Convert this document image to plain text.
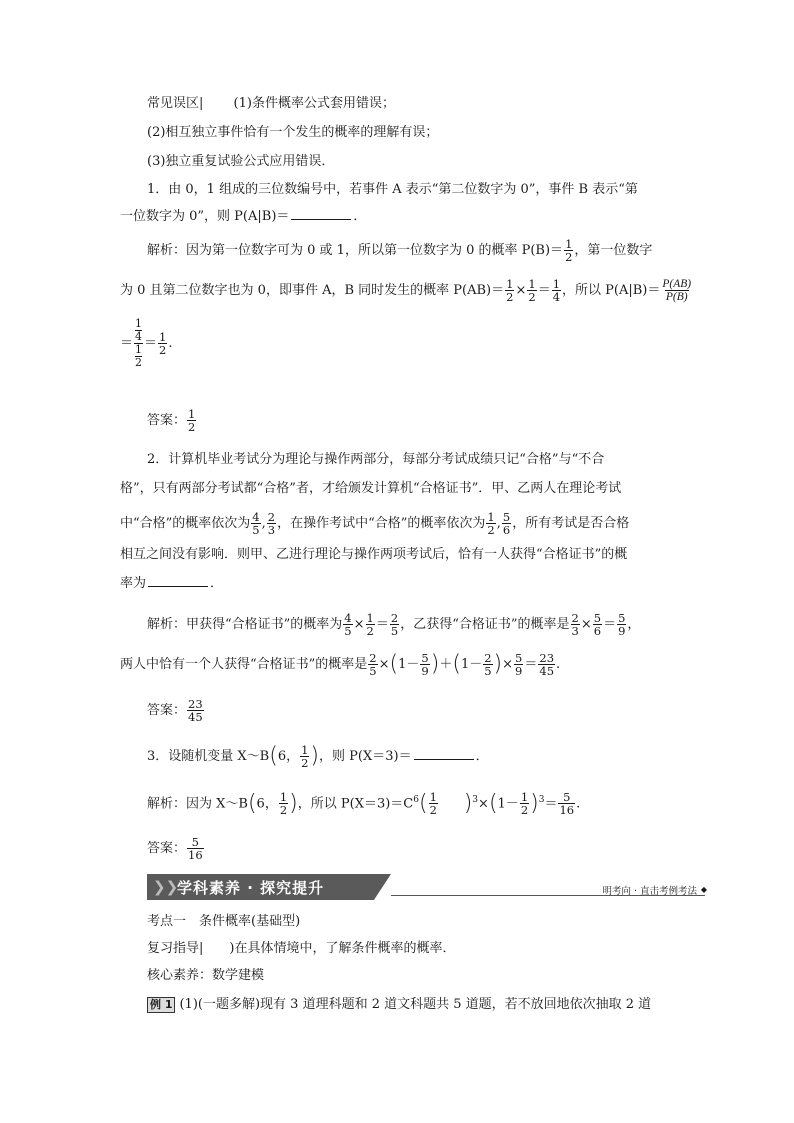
常见误区|　　 (1)条件概率公式套用错误；
(2)相互独立事件恰有一个发生的概率的理解有误；
(3)独立重复试验公式应用错误．
1．由 0，1 组成的三位数编号中，若事件 A 表示“第二位数字为 0”，事件 B 表示“第
一位数字为 0”，则 P(A|B)＝	．
解析：因为第一位数字可为 0 或 1，所以第一位数字为 0 的概率 $P(B)= \frac{1}{2}$ ，第一位数字
为 0 且第二位数字也为 0，即事件 A，B 同时发生的概率 $P(AB)= \frac{1}{2} \times \frac{1}{2} = \frac{1}{4}$ ，所以 $P(A|B)= \frac{P(AB)}{P(B)}$
＝
1
4
1
2
＝ 1
2 .
答案： $\frac{1}{2}$
2．计算机毕业考试分为理论与操作两部分，每部分考试成绩只记“合格”与“不合
格”，只有两部分考试都“合格”者，才给颁发计算机“合格证书”．甲、乙两人在理论考试
中“合格”的概率依次为 $\frac{4}{5}$ , $\frac{2}{3}$ ，在操作考试中“合格”的概率依次为 $\frac{1}{2}$ , $\frac{5}{6}$ ，所有考试是否合格
相互之间没有影响．则甲、乙进行理论与操作两项考试后，恰有一人获得“合格证书”的概
率为	．
解析：甲获得“合格证书”的概率为 $\frac{4}{5} \times \frac{1}{2} = \frac{2}{5}$ ，乙获得“合格证书”的概率是 $\frac{2}{3} \times \frac{5}{6} = \frac{5}{9}$ ，
两人中恰有一个人获得“合格证书”的概率是 $\frac{2}{5} \times(1- \frac{5}{9} )+(1- \frac{2}{5}$ )× $\frac{5}{9} = \frac{23}{45}$ .
答案： $\frac{23}{45}$
3．设随机变量 X～B(6， $\frac{1}{2}$ )，则 P(X＝3)＝	．
解析：因为 X～B(6， $\frac{1}{2}$ )，所以 $P(X=3)=C^6( \frac{1}{2} )^3\times(1- \frac{1}{2} )^3= \frac{5}{16}$ .
答案： $\frac{5}{16}$
❯❯
学科素养 · 探究提升	明考向 · 直击考例考法 ◆
考点一　条件概率(基础型)
复习指导|　　)在具体情境中，了解条件概率的概率．
核心素养：数学建模
例 1 (1)(一题多解)现有 3 道理科题和 2 道文科题共 5 道题，若不放回地依次抽取 2 道
